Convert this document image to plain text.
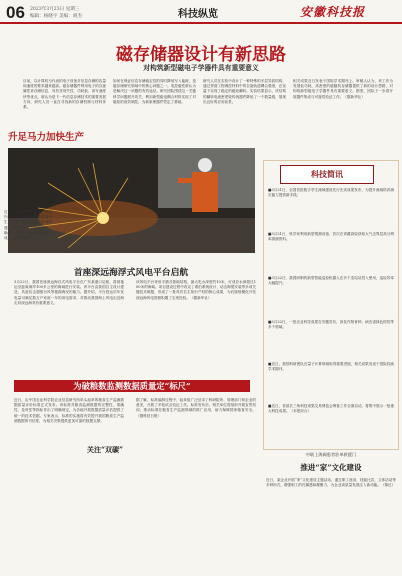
06 2023年3月23日 星期三
编辑：杨晓宇 美编：胡杰	科技纵览	安徽科技报
磁存储器设计有新思路
对构筑新型磁电子学器件具有重要意义
目前，以计算机为代表的电子设备对信息存储的容量和速度的要求越来越高。磁存储器件利用电子的自旋属性来存储信息，具有非易失性、功耗低、读写速度快等优点，被认为是下一代信息存储技术的重要发展方向，研究人员一直在寻找新的存储机制与材料体系。
如何在保证信息存储稳定性的同时降低写入能耗，是磁存储研究领域中的核心问题之一。电控磁性被认为是解决这一问题的有效途径。研究团队围绕这一关键科学问题展开攻关，利用新型磁电耦合材料实现了对磁矩的高效调控，为新原理器件奠定了基础。
研究人员在实验中设计了一种特殊的多层异质结构，通过界面工程调控材料中的自旋轨道耦合强度，在室温下实现了稳定的磁矩翻转。实验结果显示，该结构的翻转电流密度较传统器件降低了一个数量级，展现出良好的应用前景。
相关成果近日发表于国际学术期刊上。审稿人认为，该工作为发展低功耗、高密度的磁随机存储器提供了新的设计思路，对构筑新型磁电子学器件具有重要意义。据悉，团队下一步将开展器件集成与可靠性验证工作。（据新华社）
升足马力加快生产
近日，在某钢铁企业生产车间内，工人们正在操作设备进行生产作业。该企业抢抓市场机遇，开足马力全力冲刺生产，确保一季度目标任务顺利完成。（新华社发）
首座深远海浮式风电平台启航
3月22日，我国首座深远海浮式风电平台在广东某港口启航，将被拖运至距离海岸100多公里的海域进行安装。该平台由我国自主设计建造，具备抗击超强台风等极端海况的能力。据介绍，平台投运后年发电量可满足数万户家庭一年的用电需求，对推动我国海上风电由近海走向深远海具有重要意义。
该风电平台采用半潜式基础结构，最大吃水深度约10米，可适应水深超过100米的海域。项目建设过程中攻克了系泊系统设计、动态海缆安装等多项关键技术难题，形成了一批具有自主知识产权的核心成果，为后续规模化开发深远海风电资源积累了宝贵经验。（据新华社）
为破粮数监测数据质量定“标尺”
近日，由中国农业科学院农业信息研究所牵头起草的粮食生产监测数据质量评价标准正式发布。该标准对粮食监测数据的完整性、准确性、及时性等指标作出了明确规定，为各地开展数据质量评估提供了统一的技术依据。专家表示，标准的实施将有效提升我国粮食生产监测数据的可信度，为相关决策提供更加可靠的数据支撑。
据了解，标准编制过程中，起草组广泛征求了科研院所、管理部门和企业的意见，开展了多轮试点验证工作。标准发布后，相关单位将组织开展宣贯培训，推动标准在粮食生产监测领域的推广应用，助力保障国家粮食安全。（据科技日报）
关注“双碳”
科技简讯
■3月21日，全国首批数字孪生流域建设先行先试成果发布，为提升流域防洪减灾能力提供新手段。
■3月21日，科学家利用新型观测设备，首次在青藏高原获取大气边界层高分辨率探测资料。
■3月22日，我国研制的新型智能巡检机器人在多个变电站投入使用，巡检效率大幅提升。
■3月22日，一批农业科技成果在安徽发布，涉及作物育种、病虫害绿色防控等多个领域。
■近日，我国科研团队在量子计算领域取得重要进展，相关成果发表于国际权威学术期刊。
■近日，首届长三角科技成果交易博览会筹备工作全面启动，将集中展示一批重大科技成果。（本报综合）
中联上海阀患者驻单救援门
推进“家”文化建设
近日，某企业开展“家”文化建设主题活动，通过职工座谈、技能比武、文体活动等多种形式，增强职工的归属感和凝聚力，为企业高质量发展注入新动能。（陈红）
